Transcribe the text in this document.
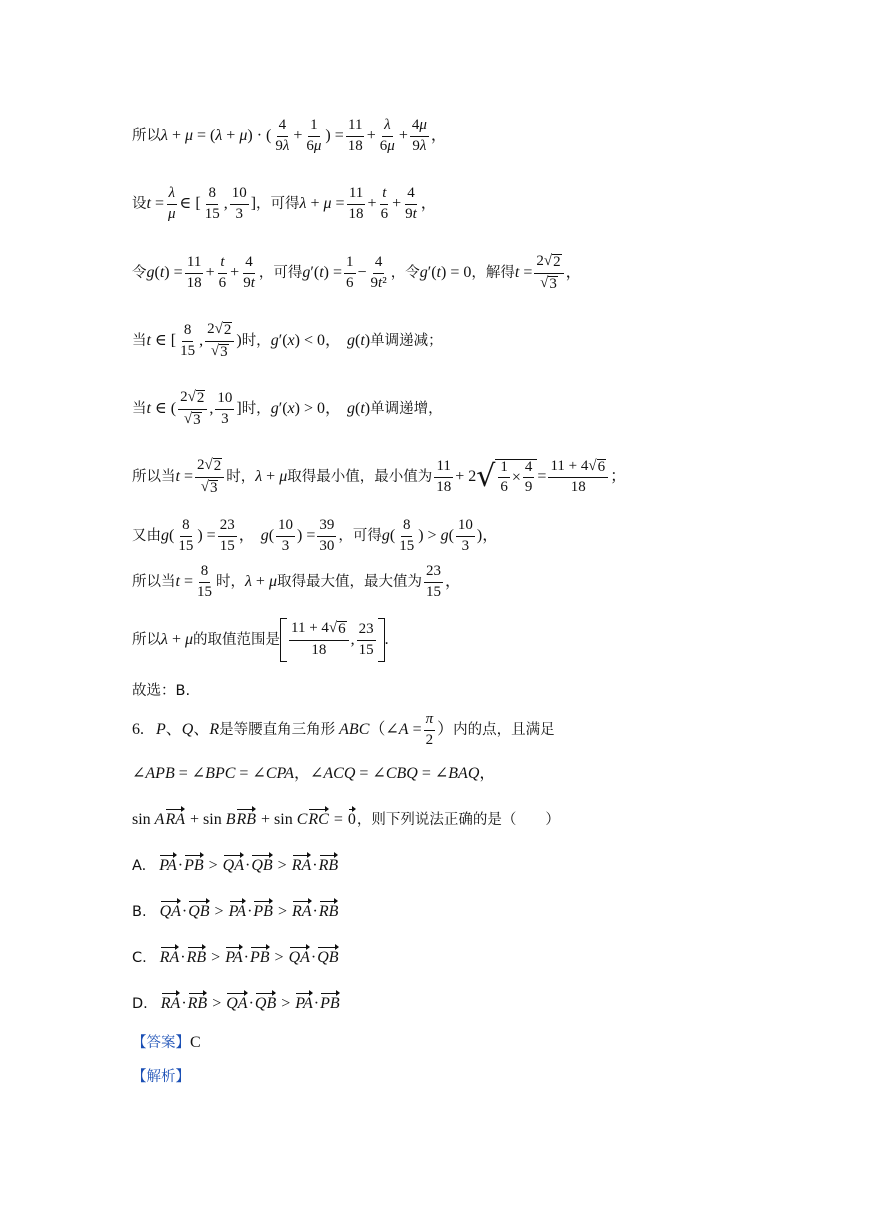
所以 λ + μ = (λ + μ) · ( $\frac{4}{9\lambda} + \frac{1}{6\mu}$ ) = $\frac{11}{18} + \frac{\lambda}{6\mu} + \frac{4\mu}{9\lambda}$ ，
设 $t = \frac{\lambda}{\mu}$ ∈ [ $\frac{8}{15}$ , $\frac{10}{3}$ ] ，可得 $\lambda + \mu = \frac{11}{18} + \frac{t}{6} + \frac{4}{9t}$ ，
令 $g(t) = \frac{11}{18} + \frac{t}{6} + \frac{4}{9t}$ ，可得 $g'(t) = \frac{1}{6} - \frac{4}{\text{9t²}}$ ，令 g′(t) = 0 ，解得 $t = \frac{2 √ 2}{√ 3}$ ，
当 t ∈ [ $\frac{8}{15}$ , $\frac{2 √ 2}{√ 3}$ ) 时， g′(x) < 0， g(t) 单调递减；
当 t ∈ ( $\frac{2 √ 2}{√ 3}$ , $\frac{10}{3}$ ] 时， g′(x) > 0， g(t) 单调递增，
所以当 $t = \frac{2 √ 2}{√ 3}$ 时， λ + μ 取得最小值，最小值为 $\frac{11}{18} + 2$ √ $\frac{1}{6} \times \frac{4}{9} = \frac{11 + 4 √ 6}{18}$ ；
又由 g ( $\frac{8}{15}$ ) = $\frac{23}{15}$ ， $g( \frac{10}{3}$ ) = $\frac{39}{30}$ ，可得 g ( $\frac{8}{15}$ ) > $g( \frac{10}{3}$ )，
所以当 $t = \frac{8}{15}$ 时， λ + μ 取得最大值，最大值为 $\frac{23}{15}$ ，
所以 λ + μ 的取值范围是 $\frac{11 + 4 √ 6}{18}$ , $\frac{23}{15}$ .
故选：B.
6. P、Q、R 是等腰直角三角形 ABC （∠A = $\frac{\pi}{2}$ ） 内的点，且满足
∠APB = ∠BPC = ∠CPA，∠ACQ = ∠CBQ = ∠BAQ，
sin ARA + sin BRB + sin CRC = 0 ，则下列说法正确的是（　　）
A. PA·PB > QA·QB > RA·RB
B. QA·QB > PA·PB > RA·RB
C. RA·RB > PA·PB > QA·QB
D. RA·RB > QA·QB > PA·PB
【答案】 C
【解析】
